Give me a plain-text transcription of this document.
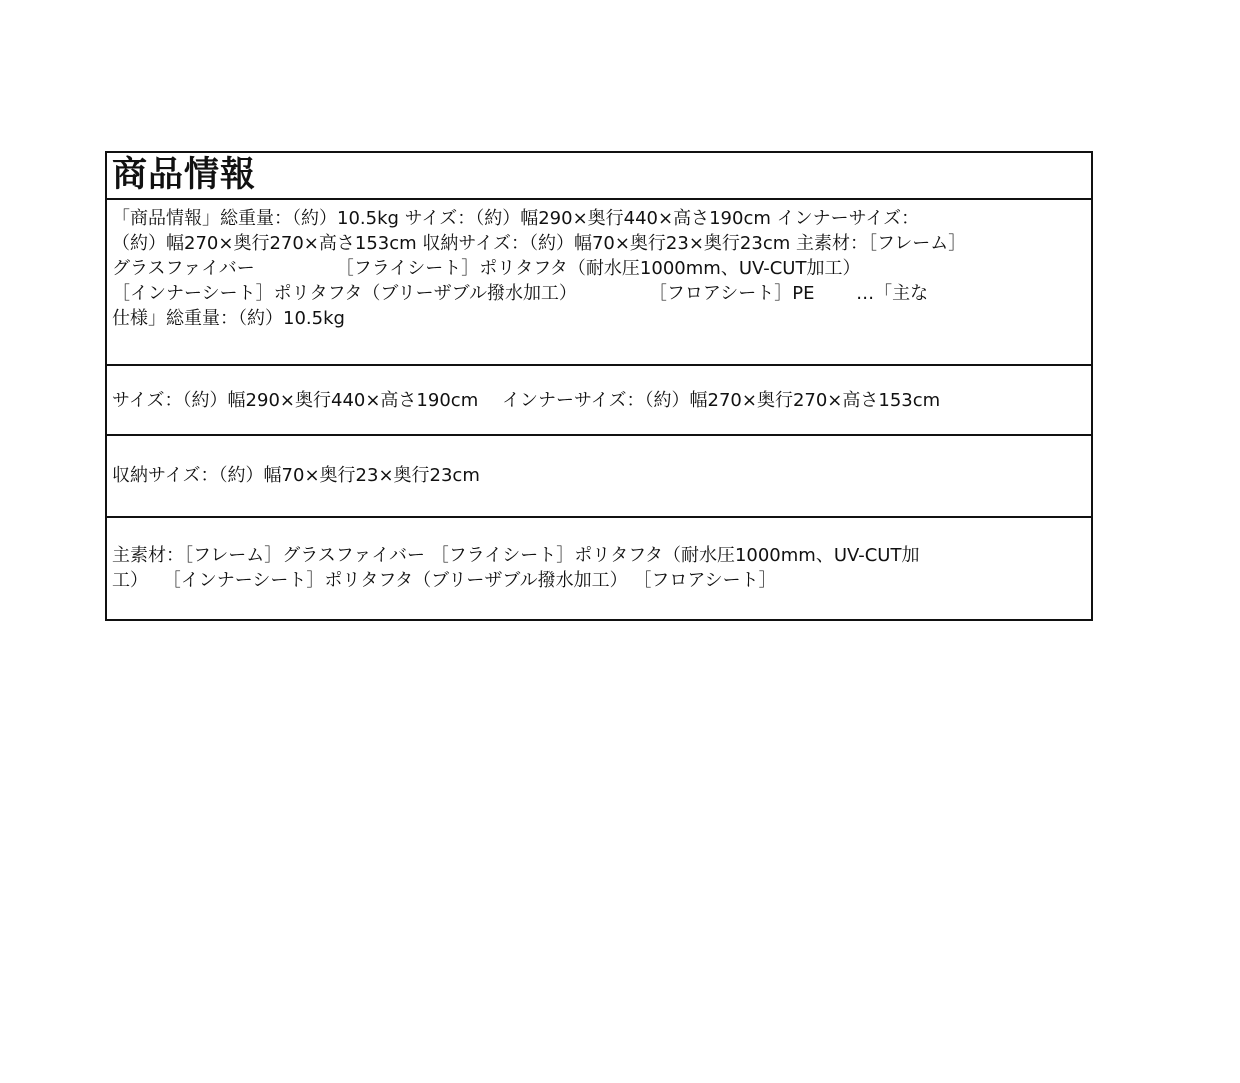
商品情報
「商品情報」総重量：（約）10.5kg サイズ：（約）幅290×奥行440×高さ190cm インナーサイズ：
（約）幅270×奥行270×高さ153cm 収納サイズ：（約）幅70×奥行23×奥行23cm 主素材：［フレーム］
グラスファイバー　　　　　［フライシート］ポリタフタ（耐水圧1000mm、UV-CUT加工）
［インナーシート］ポリタフタ（ブリーザブル撥水加工）　　　　　［フロアシート］PE　　 …「主な
仕様」総重量：（約）10.5kg
サイズ：（約）幅290×奥行440×高さ190cm　 インナーサイズ：（約）幅270×奥行270×高さ153cm
収納サイズ：（約）幅70×奥行23×奥行23cm
主素材：［フレーム］グラスファイバー ［フライシート］ポリタフタ（耐水圧1000mm、UV-CUT加
工）　 ［インナーシート］ポリタフタ（ブリーザブル撥水加工） ［フロアシート］
